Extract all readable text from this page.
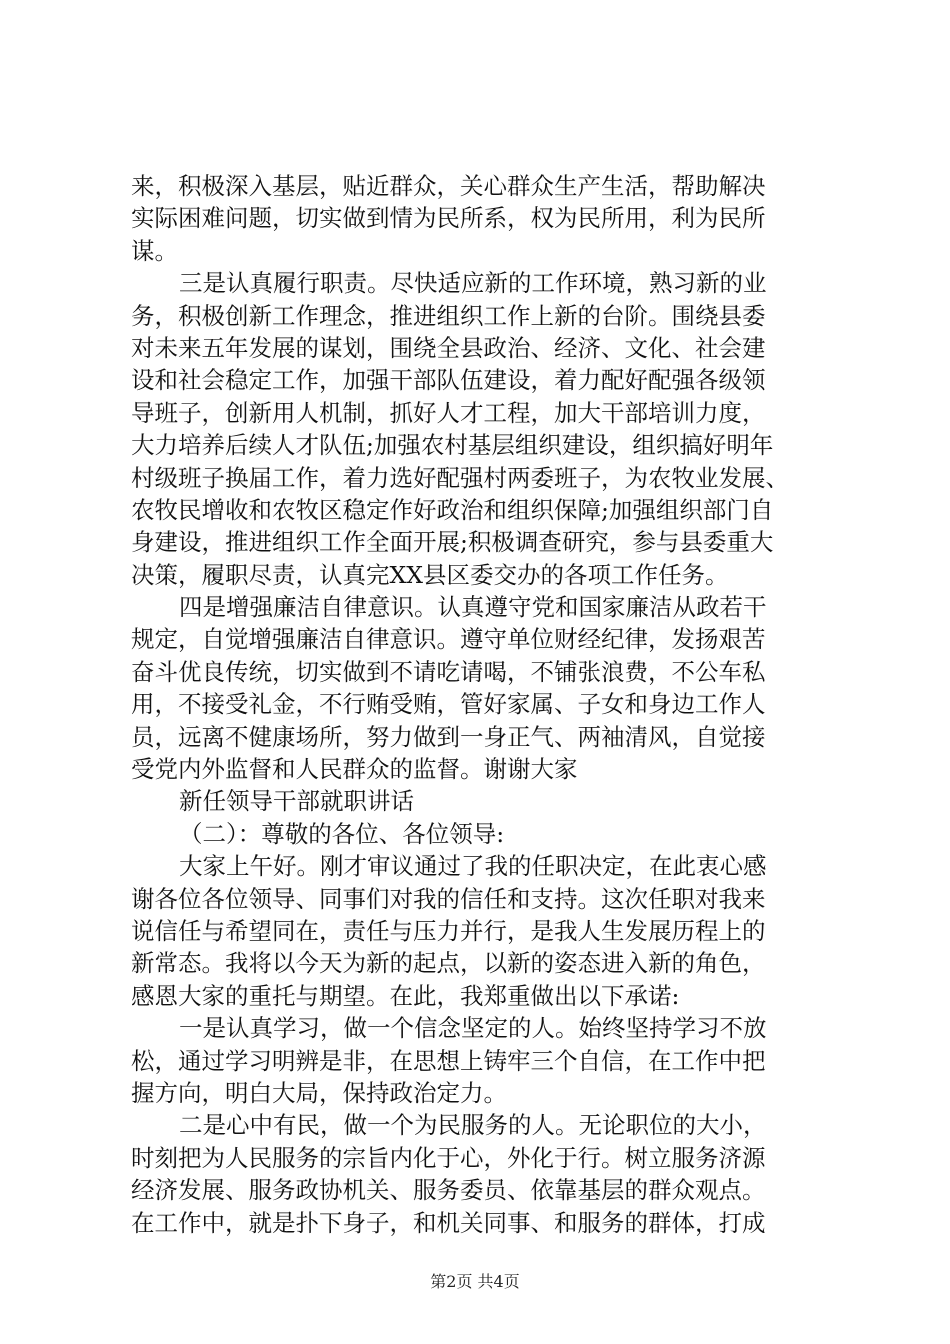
来，积极深入基层，贴近群众，关心群众生产生活，帮助解决
实际困难问题，切实做到情为民所系，权为民所用，利为民所
谋。
三是认真履行职责。尽快适应新的工作环境，熟习新的业
务，积极创新工作理念，推进组织工作上新的台阶。围绕县委
对未来五年发展的谋划，围绕全县政治、经济、文化、社会建
设和社会稳定工作，加强干部队伍建设，着力配好配强各级领
导班子，创新用人机制，抓好人才工程，加大干部培训力度，
大力培养后续人才队伍;加强农村基层组织建设，组织搞好明年
村级班子换届工作，着力选好配强村两委班子，为农牧业发展、
农牧民增收和农牧区稳定作好政治和组织保障;加强组织部门自
身建设，推进组织工作全面开展;积极调查研究，参与县委重大
决策，履职尽责，认真完XX县区委交办的各项工作任务。
四是增强廉洁自律意识。认真遵守党和国家廉洁从政若干
规定，自觉增强廉洁自律意识。遵守单位财经纪律，发扬艰苦
奋斗优良传统，切实做到不请吃请喝，不铺张浪费，不公车私
用，不接受礼金，不行贿受贿，管好家属、子女和身边工作人
员，远离不健康场所，努力做到一身正气、两袖清风，自觉接
受党内外监督和人民群众的监督。谢谢大家
新任领导干部就职讲话
（二）：尊敬的各位、各位领导:
大家上午好。刚才审议通过了我的任职决定，在此衷心感
谢各位各位领导、同事们对我的信任和支持。这次任职对我来
说信任与希望同在，责任与压力并行，是我人生发展历程上的
新常态。我将以今天为新的起点，以新的姿态进入新的角色，
感恩大家的重托与期望。在此，我郑重做出以下承诺:
一是认真学习，做一个信念坚定的人。始终坚持学习不放
松，通过学习明辨是非，在思想上铸牢三个自信，在工作中把
握方向，明白大局，保持政治定力。
二是心中有民，做一个为民服务的人。无论职位的大小，
时刻把为人民服务的宗旨内化于心，外化于行。树立服务济源
经济发展、服务政协机关、服务委员、依靠基层的群众观点。
在工作中，就是扑下身子，和机关同事、和服务的群体，打成
第2页 共4页
